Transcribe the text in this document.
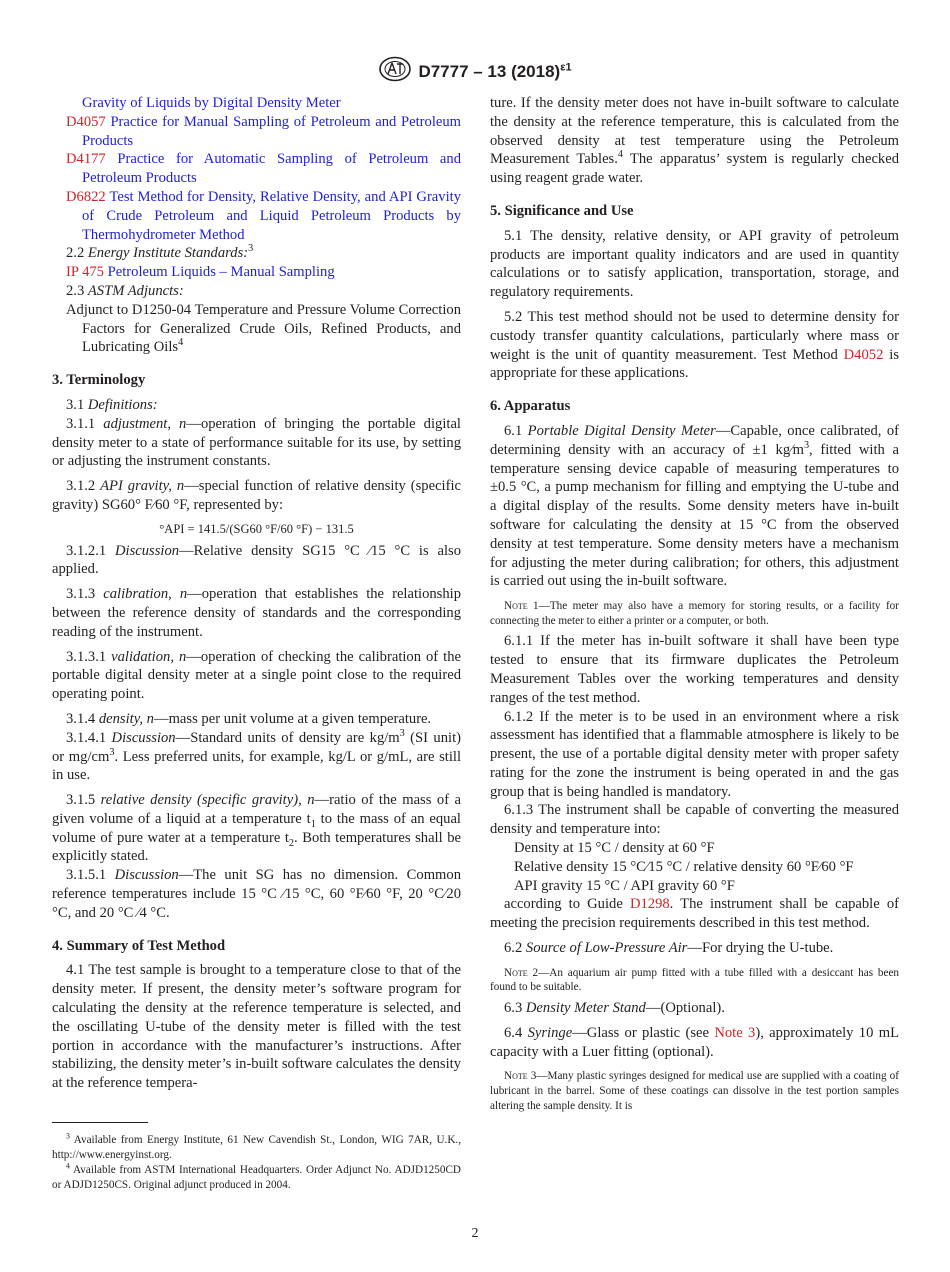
D7777 – 13 $(2018)^{\varepsilon 1}$

Gravity of Liquids by Digital Density Meter

D4057 Practice for Manual Sampling of Petroleum and Petroleum Products

D4177 Practice for Automatic Sampling of Petroleum and Petroleum Products

D6822 Test Method for Density, Relative Density, and API Gravity of Crude Petroleum and Liquid Petroleum Products by Thermohydrometer Method

2.2 Energy Institute Standards:$^3$

IP 475 Petroleum Liquids – Manual Sampling

2.3 ASTM Adjuncts:

Adjunct to D1250-04 Temperature and Pressure Volume Correction Factors for Generalized Crude Oils, Refined Products, and Lubricating Oils$^4$

3. Terminology

3.1 Definitions:

3.1.1 adjustment, n—operation of bringing the portable digital density meter to a state of performance suitable for its use, by setting or adjusting the instrument constants.

3.1.2 API gravity, n—special function of relative density (specific gravity) SG60° F⁄60 °F, represented by:

°API = 141.5/(SG60 °F/60 °F) − 131.5

3.1.2.1 Discussion—Relative density SG15 °C ⁄15 °C is also applied.

3.1.3 calibration, n—operation that establishes the relationship between the reference density of standards and the corresponding reading of the instrument.

3.1.3.1 validation, n—operation of checking the calibration of the portable digital density meter at a single point close to the required operating point.

3.1.4 density, n—mass per unit volume at a given temperature.

3.1.4.1 Discussion—Standard units of density are $kg/m^3$ (SI unit) or $mg/cm^3$. Less preferred units, for example, kg/L or g/mL, are still in use.

3.1.5 relative density (specific gravity), n—ratio of the mass of a given volume of a liquid at a temperature $t_1$ to the mass of an equal volume of pure water at a temperature $t_2$. Both temperatures shall be explicitly stated.

3.1.5.1 Discussion—The unit SG has no dimension. Common reference temperatures include 15 °C ⁄15 °C, 60 °F⁄60 °F, 20 °C⁄20 °C, and 20 °C ⁄4 °C.

4. Summary of Test Method

4.1 The test sample is brought to a temperature close to that of the density meter. If present, the density meter’s software program for calculating the density at the reference temperature is selected, and the oscillating U-tube of the density meter is filled with the test portion in accordance with the manufacturer’s instructions. After stabilizing, the density meter’s in-built software calculates the density at the reference tempera-

$^3$ Available from Energy Institute, 61 New Cavendish St., London, WIG 7AR, U.K., http://www.energyinst.org.

$^4$ Available from ASTM International Headquarters. Order Adjunct No. ADJD1250CD or ADJD1250CS. Original adjunct produced in 2004.

ture. If the density meter does not have in-built software to calculate the density at the reference temperature, this is calculated from the observed density at test temperature using the Petroleum Measurement Tables.$^4$ The apparatus’ system is regularly checked using reagent grade water.

5. Significance and Use

5.1 The density, relative density, or API gravity of petroleum products are important quality indicators and are used in quantity calculations or to satisfy application, transportation, storage, and regulatory requirements.

5.2 This test method should not be used to determine density for custody transfer quantity calculations, particularly where mass or weight is the unit of quantity measurement. Test Method D4052 is appropriate for these applications.

6. Apparatus

6.1 Portable Digital Density Meter—Capable, once calibrated, of determining density with an accuracy of ±1 $kg⁄m^3$, fitted with a temperature sensing device capable of measuring temperatures to ±0.5 °C, a pump mechanism for filling and emptying the U-tube and a digital display of the results. Some density meters have in-built software for calculating the density at 15 °C from the observed density at test temperature. Some density meters have a mechanism for adjusting the meter during calibration; for others, this adjustment is carried out using the in-built software.

Note 1—The meter may also have a memory for storing results, or a facility for connecting the meter to either a printer or a computer, or both.

6.1.1 If the meter has in-built software it shall have been type tested to ensure that its firmware duplicates the Petroleum Measurement Tables over the working temperatures and density ranges of the test method.

6.1.2 If the meter is to be used in an environment where a risk assessment has identified that a flammable atmosphere is likely to be present, the use of a portable digital density meter with proper safety rating for the zone the instrument is being operated in and the gas group that is being handled is mandatory.

6.1.3 The instrument shall be capable of converting the measured density and temperature into:

Density at 15 °C / density at 60 °F

Relative density 15 °C⁄15 °C / relative density 60 °F⁄60 °F

API gravity 15 °C / API gravity 60 °F

according to Guide D1298. The instrument shall be capable of meeting the precision requirements described in this test method.

6.2 Source of Low-Pressure Air—For drying the U-tube.

Note 2—An aquarium air pump fitted with a tube filled with a desiccant has been found to be suitable.

6.3 Density Meter Stand—(Optional).

6.4 Syringe—Glass or plastic (see Note 3), approximately 10 mL capacity with a Luer fitting (optional).

Note 3—Many plastic syringes designed for medical use are supplied with a coating of lubricant in the barrel. Some of these coatings can dissolve in the test portion samples altering the sample density. It is

2
